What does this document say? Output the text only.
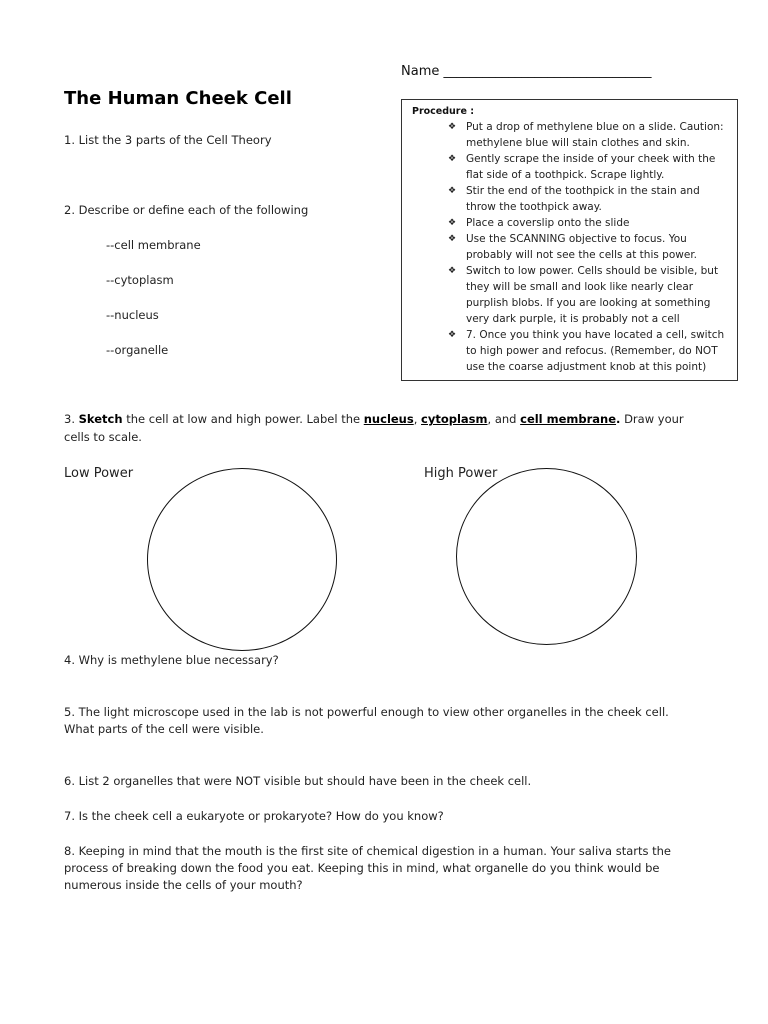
Name ________________________________
The Human Cheek Cell
1. List the 3 parts of the Cell Theory
2. Describe or define each of the following
--cell membrane
--cytoplasm
--nucleus
--organelle
Procedure :
❖ Put a drop of methylene blue on a slide. Caution:
methylene blue will stain clothes and skin.
❖ Gently scrape the inside of your cheek with the
flat side of a toothpick. Scrape lightly.
❖ Stir the end of the toothpick in the stain and
throw the toothpick away.
❖ Place a coverslip onto the slide
❖ Use the SCANNING objective to focus. You
probably will not see the cells at this power.
❖ Switch to low power. Cells should be visible, but
they will be small and look like nearly clear
purplish blobs. If you are looking at something
very dark purple, it is probably not a cell
❖ 7. Once you think you have located a cell, switch
to high power and refocus. (Remember, do NOT
use the coarse adjustment knob at this point)
3. Sketch the cell at low and high power. Label the nucleus, cytoplasm, and cell membrane. Draw your
cells to scale.
Low Power	High Power
4. Why is methylene blue necessary?
5. The light microscope used in the lab is not powerful enough to view other organelles in the cheek cell.
What parts of the cell were visible.
6. List 2 organelles that were NOT visible but should have been in the cheek cell.
7. Is the cheek cell a eukaryote or prokaryote? How do you know?
8. Keeping in mind that the mouth is the first site of chemical digestion in a human. Your saliva starts the
process of breaking down the food you eat. Keeping this in mind, what organelle do you think would be
numerous inside the cells of your mouth?
